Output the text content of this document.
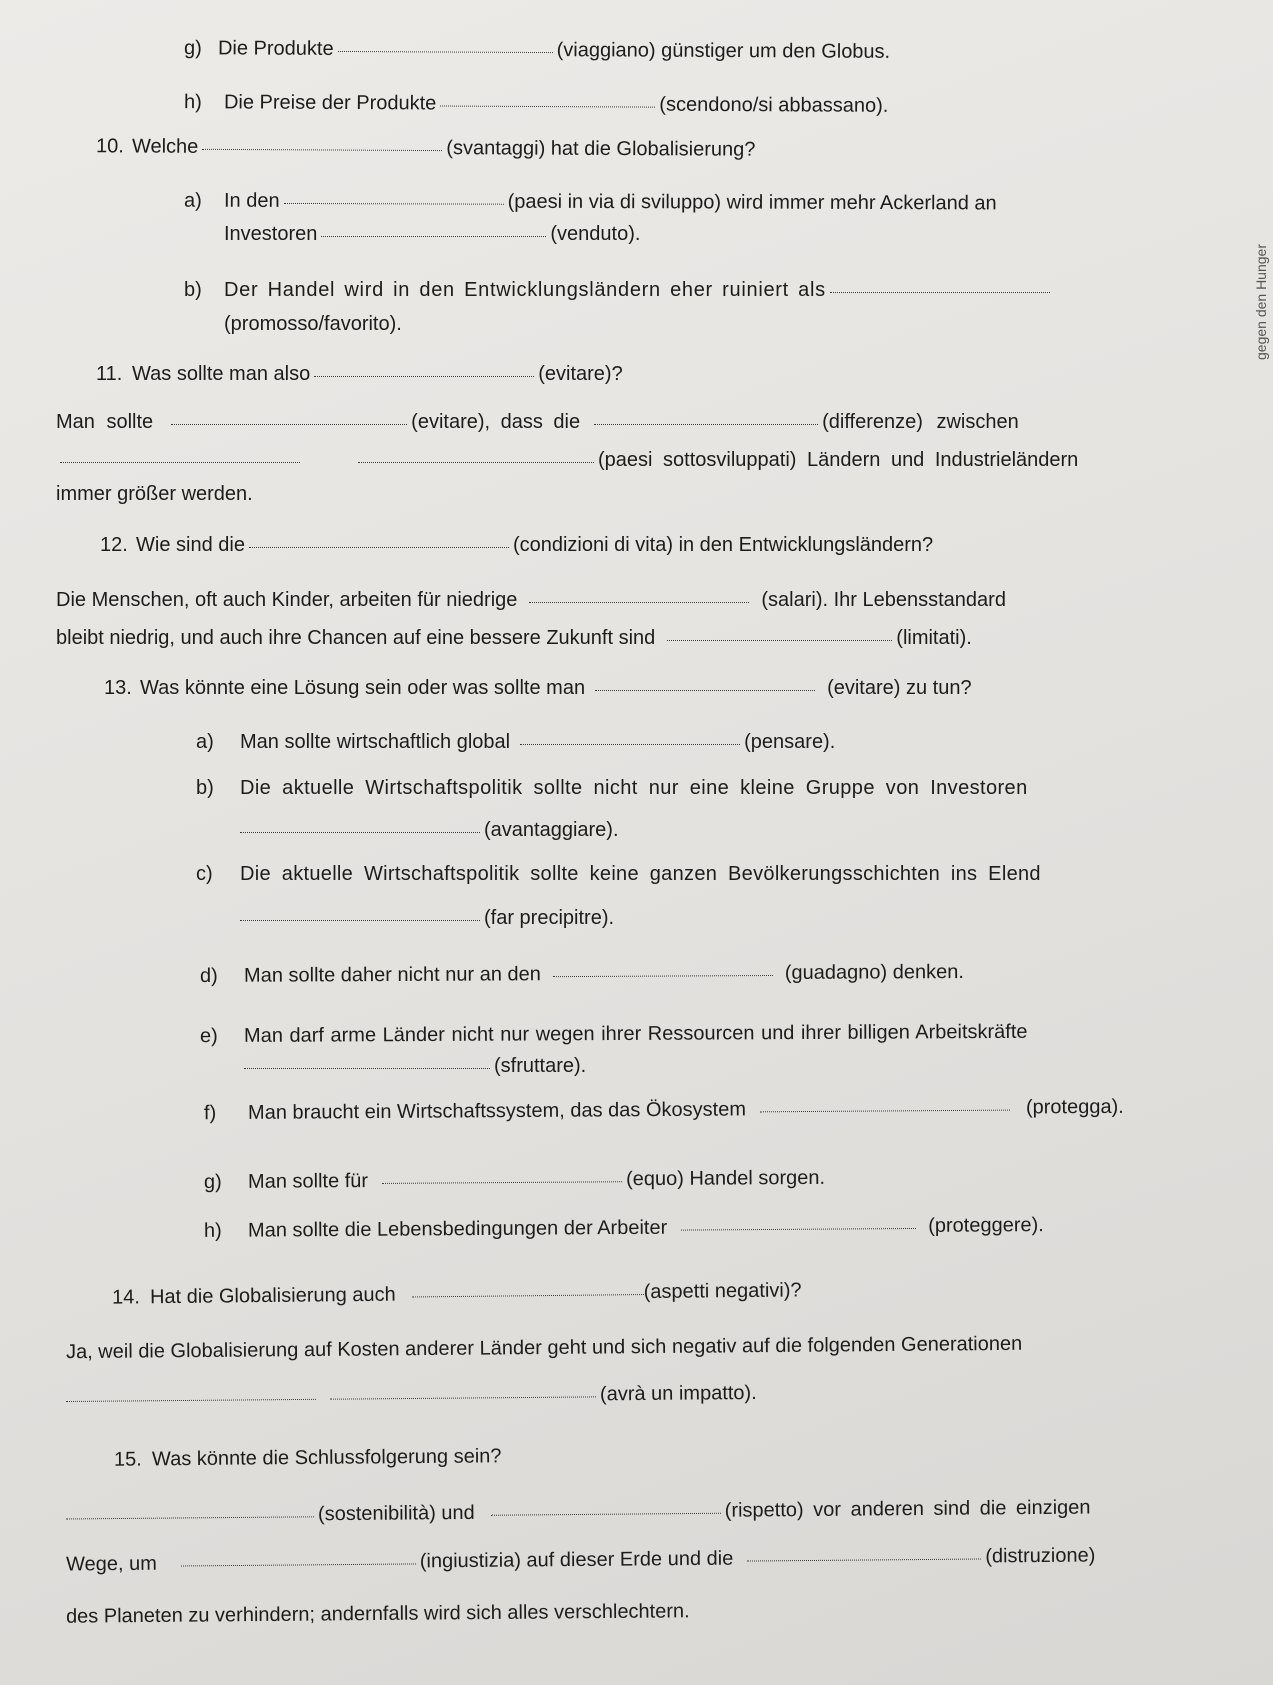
g) Die Produkte	(viaggiano) günstiger um den Globus.
h)	Die Preise der Produkte	(scendono/si abbassano).
10. Welche	(svantaggi) hat die Globalisierung?
a)	In den	(paesi in via di sviluppo) wird immer mehr Ackerland an
Investoren	(venduto).
b)	Der Handel wird in den Entwicklungsländern eher ruiniert als
(promosso/favorito).
11. Was sollte man also	(evitare)?
Man sollte	(evitare), dass die	(differenze) zwischen
(paesi sottosviluppati) Ländern und Industrieländern
immer größer werden.
12. Wie sind die	(condizioni di vita) in den Entwicklungsländern?
Die Menschen, oft auch Kinder, arbeiten für niedrige	(salari). Ihr Lebensstandard
bleibt niedrig, und auch ihre Chancen auf eine bessere Zukunft sind	(limitati).
13. Was könnte eine Lösung sein oder was sollte man	(evitare) zu tun?
a)	Man sollte wirtschaftlich global	(pensare).
b)	Die aktuelle Wirtschaftspolitik sollte nicht nur eine kleine Gruppe von Investoren
(avantaggiare).
c)	Die aktuelle Wirtschaftspolitik sollte keine ganzen Bevölkerungsschichten ins Elend
(far precipitre).
d)	Man sollte daher nicht nur an den	(guadagno) denken.
e)	Man darf arme Länder nicht nur wegen ihrer Ressourcen und ihrer billigen Arbeitskräfte
(sfruttare).
f)	Man braucht ein Wirtschaftssystem, das das Ökosystem	(protegga).
g)	Man sollte für	(equo) Handel sorgen.
h)	Man sollte die Lebensbedingungen der Arbeiter	(proteggere).
14. Hat die Globalisierung auch	(aspetti negativi)?
Ja, weil die Globalisierung auf Kosten anderer Länder geht und sich negativ auf die folgenden Generationen
(avrà un impatto).
15. Was könnte die Schlussfolgerung sein?
(sostenibilità) und	(rispetto) vor anderen sind die einzigen
Wege, um	(ingiustizia) auf dieser Erde und die	(distruzione)
des Planeten zu verhindern; andernfalls wird sich alles verschlechtern.
gegen den Hunger
